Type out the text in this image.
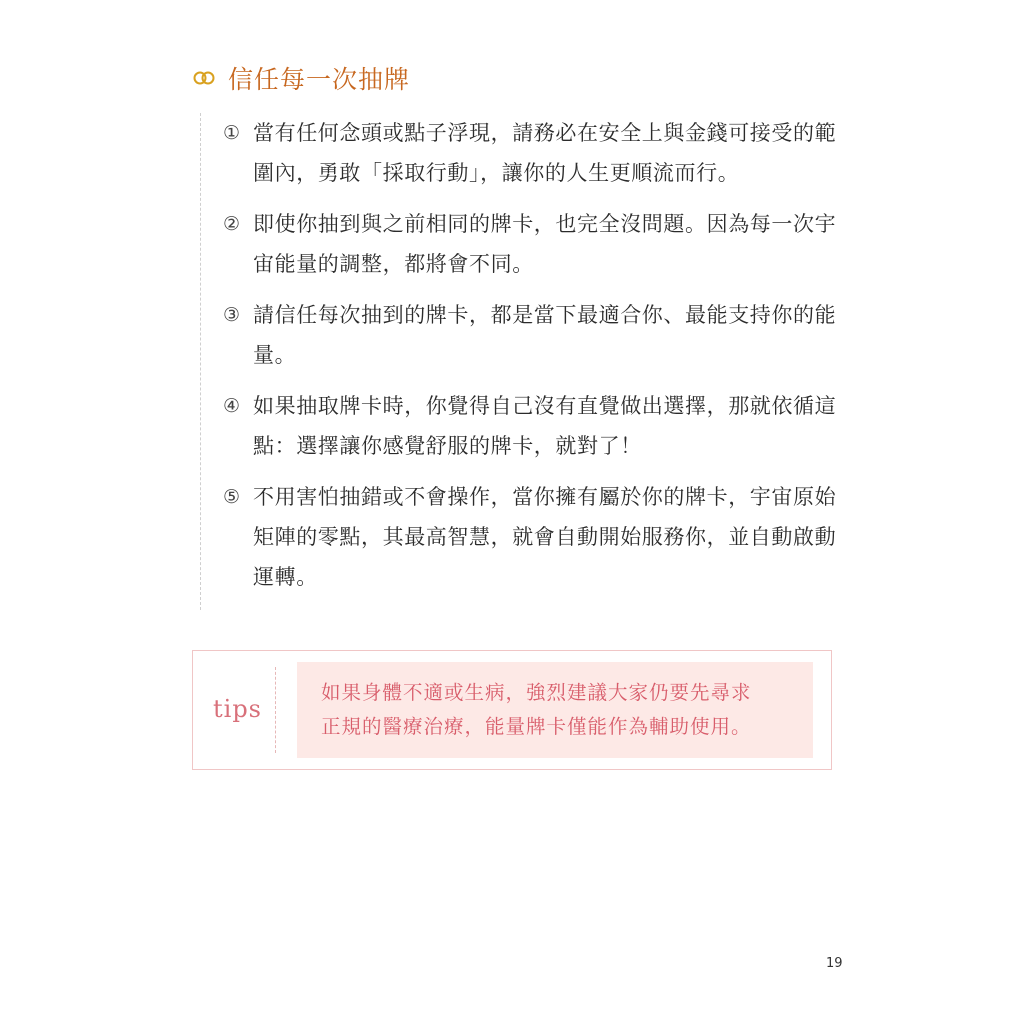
信任每一次抽牌
① 當有任何念頭或點子浮現，請務必在安全上與金錢可接受的範圍內，勇敢「採取行動」，讓你的人生更順流而行。
② 即使你抽到與之前相同的牌卡，也完全沒問題。因為每一次宇宙能量的調整，都將會不同。
③ 請信任每次抽到的牌卡，都是當下最適合你、最能支持你的能量。
④ 如果抽取牌卡時，你覺得自己沒有直覺做出選擇，那就依循這點：選擇讓你感覺舒服的牌卡，就對了！
⑤ 不用害怕抽錯或不會操作，當你擁有屬於你的牌卡，宇宙原始矩陣的零點，其最高智慧，就會自動開始服務你，並自動啟動運轉。
tips
如果身體不適或生病，強烈建議大家仍要先尋求
正規的醫療治療，能量牌卡僅能作為輔助使用。
19
